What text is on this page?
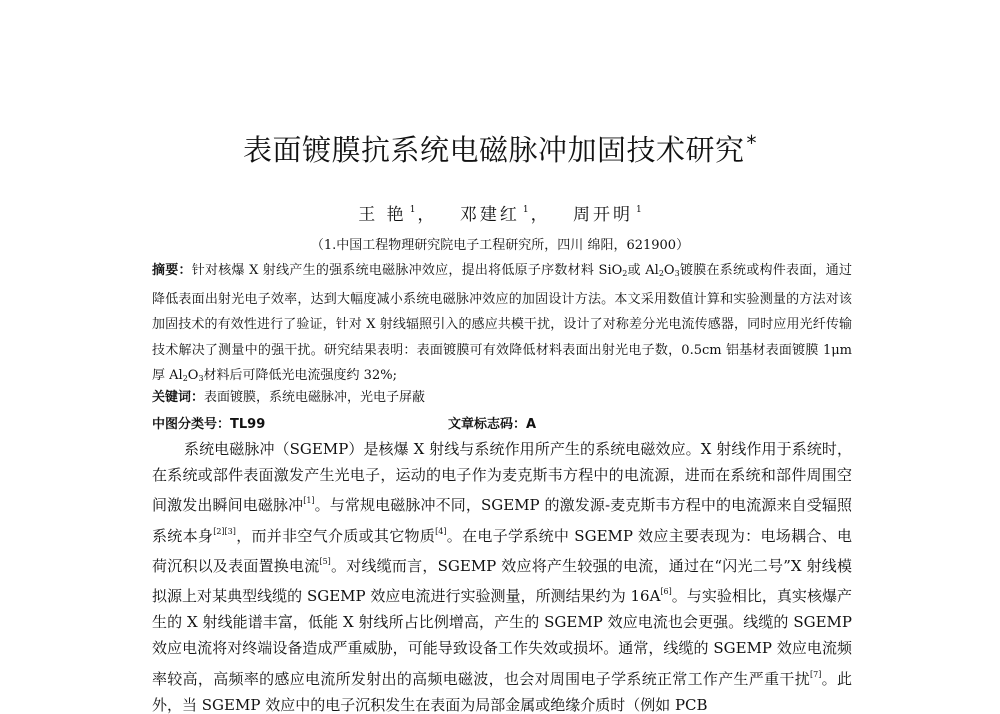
表面镀膜抗系统电磁脉冲加固技术研究 *
王 艳 $^1$ ， 邓建红 $^1$ ， 周开明 $^1$
（1.中国工程物理研究院电子工程研究所，四川 绵阳，621900）
摘要：针对核爆 X 射线产生的强系统电磁脉冲效应，提出将低原子序数材料 SiO$_2$或 $Al_2O_3$镀膜在系统或构件表面，通过降低表面出射光电子效率，达到大幅度减小系统电磁脉冲效应的加固设计方法。本文采用数值计算和实验测量的方法对该加固技术的有效性进行了验证，针对 X 射线辐照引入的感应共模干扰，设计了对称差分光电流传感器，同时应用光纤传输技术解决了测量中的强干扰。研究结果表明：表面镀膜可有效降低材料表面出射光电子数，0.5cm 铝基材表面镀膜 1μm 厚 $Al_2O_3$材料后可降低光电流强度约 32%;
关键词：表面镀膜，系统电磁脉冲，光电子屏蔽
中图分类号：TL99	文章标志码：A

系统电磁脉冲（SGEMP）是核爆 X 射线与系统作用所产生的系统电磁效应。X 射线作用于系统时，在系统或部件表面激发产生光电子，运动的电子作为麦克斯韦方程中的电流源，进而在系统和部件周围空间激发出瞬间电磁脉冲[1]。与常规电磁脉冲不同，SGEMP 的激发源-麦克斯韦方程中的电流源来自受辐照系统本身[2][3]，而并非空气介质或其它物质[4]。在电子学系统中 SGEMP 效应主要表现为：电场耦合、电荷沉积以及表面置换电流[5]。对线缆而言，SGEMP 效应将产生较强的电流，通过在“闪光二号”X 射线模拟源上对某典型线缆的 SGEMP 效应电流进行实验测量，所测结果约为 16A[6]。与实验相比，真实核爆产生的 X 射线能谱丰富，低能 X 射线所占比例增高，产生的 SGEMP 效应电流也会更强。线缆的 SGEMP 效应电流将对终端设备造成严重威胁，可能导致设备工作失效或损坏。通常，线缆的 SGEMP 效应电流频率较高，高频率的感应电流所发射出的高频电磁波，也会对周围电子学系统正常工作产生严重干扰[7]。此外，当 SGEMP 效应中的电子沉积发生在表面为局部金属或绝缘介质时（例如 PCB
